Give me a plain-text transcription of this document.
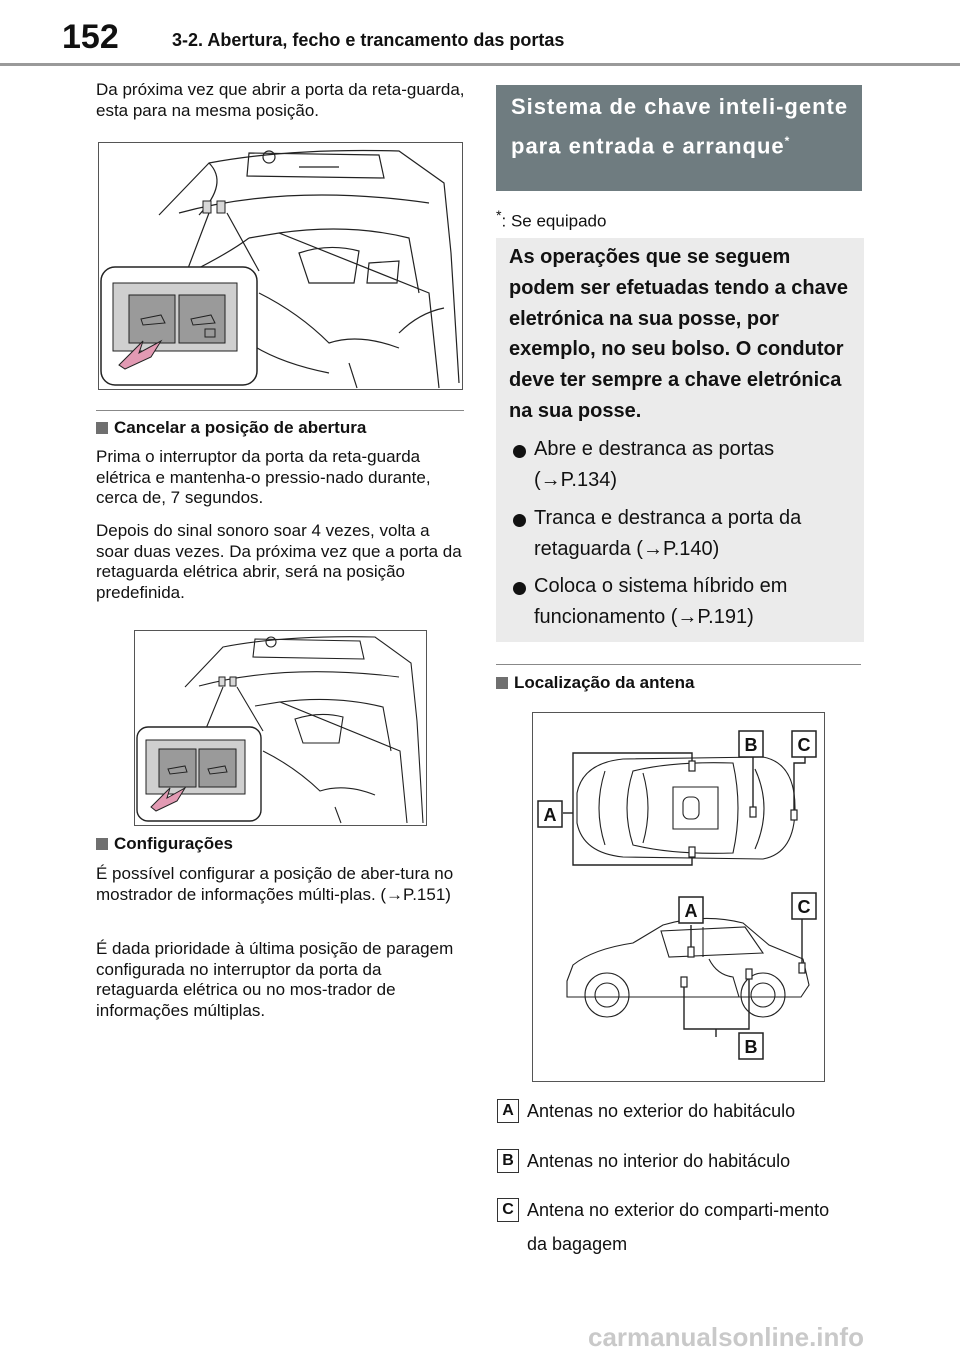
152	3-2. Abertura, fecho e trancamento das portas

Da próxima vez que abrir a porta da reta-guarda, esta para na mesma posição.

Cancelar a posição de abertura

Prima o interruptor da porta da reta-guarda elétrica e mantenha-o pressio-nado durante, cerca de, 7 segundos.

Depois do sinal sonoro soar 4 vezes, volta a soar duas vezes. Da próxima vez que a porta da retaguarda elétrica abrir, será na posição predefinida.

Configurações

É possível configurar a posição de aber-tura no mostrador de informações múlti-plas. (→P.151)

É dada prioridade à última posição de paragem configurada no interruptor da porta da retaguarda elétrica ou no mos-trador de informações múltiplas.

Sistema de chave inteli-gente para entrada e arranque*
*: Se equipado
As operações que se seguem podem ser efetuadas tendo a chave eletrónica na sua posse, por exemplo, no seu bolso. O condutor deve ter sempre a chave eletrónica na sua posse.
Abre e destranca as portas (→P.134)
Tranca e destranca a porta da retaguarda (→P.140)
Coloca o sistema híbrido em funcionamento (→P.191)
Localização da antena
A
B C
A	C
B
A Antenas no exterior do habitáculo
B Antenas no interior do habitáculo
C Antena no exterior do comparti-mento da bagagem
carmanualsonline.info
